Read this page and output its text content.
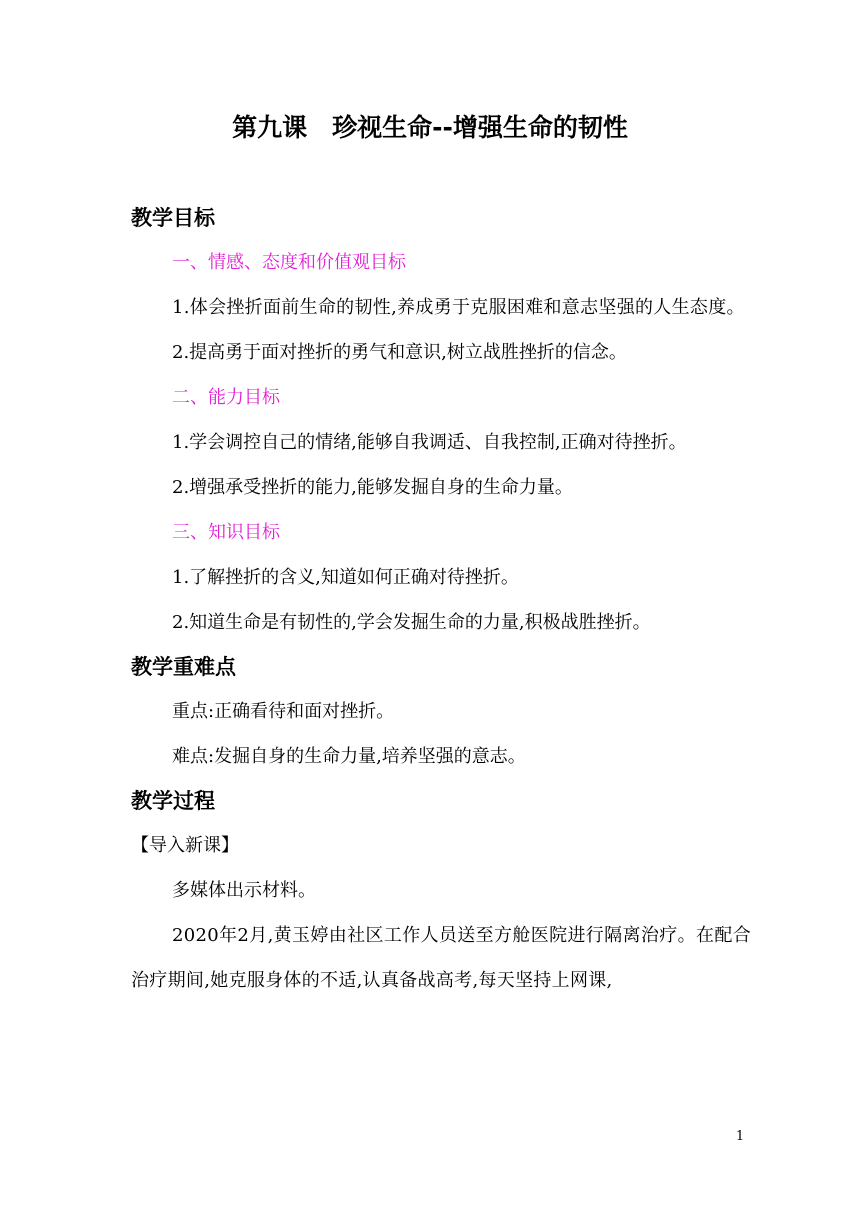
第九课　珍视生命--增强生命的韧性
教学目标
一、情感、态度和价值观目标
1.体会挫折面前生命的韧性,养成勇于克服困难和意志坚强的人生态度。
2.提高勇于面对挫折的勇气和意识,树立战胜挫折的信念。
二、能力目标
1.学会调控自己的情绪,能够自我调适、自我控制,正确对待挫折。
2.增强承受挫折的能力,能够发掘自身的生命力量。
三、知识目标
1.了解挫折的含义,知道如何正确对待挫折。
2.知道生命是有韧性的,学会发掘生命的力量,积极战胜挫折。
教学重难点
重点:正确看待和面对挫折。
难点:发掘自身的生命力量,培养坚强的意志。
教学过程
【导入新课】
多媒体出示材料。
2020年2月,黄玉婷由社区工作人员送至方舱医院进行隔离治疗。在配合治疗期间,她克服身体的不适,认真备战高考,每天坚持上网课,
1
